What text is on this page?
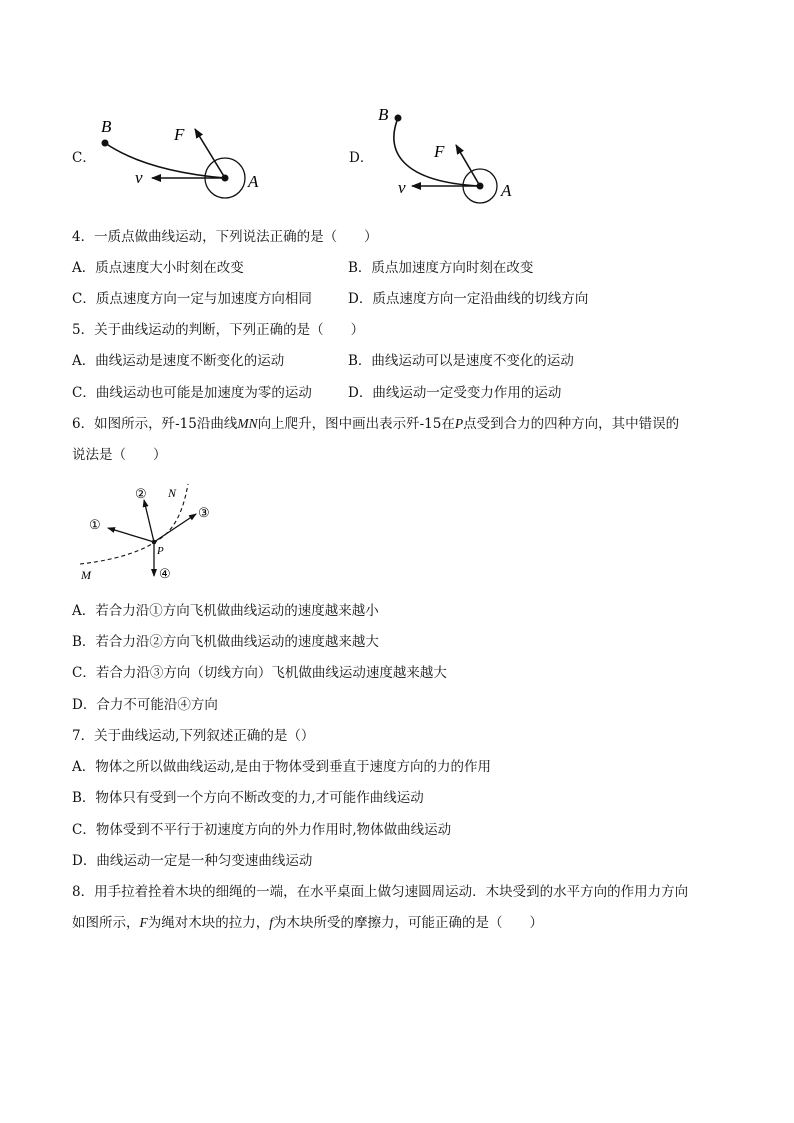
C．
B	F
v	A
D．
B
F
v	A
4．一质点做曲线运动，下列说法正确的是（　　）
A．质点速度大小时刻在改变	B．质点加速度方向时刻在改变
C．质点速度方向一定与加速度方向相同	D．质点速度方向一定沿曲线的切线方向
5．关于曲线运动的判断，下列正确的是（　　）
A．曲线运动是速度不断变化的运动	B．曲线运动可以是速度不变化的运动
C．曲线运动也可能是加速度为零的运动	D．曲线运动一定受变力作用的运动
6．如图所示，歼-15沿曲线MN向上爬升，图中画出表示歼-15在P点受到合力的四种方向，其中错误的
说法是（　　）
①
②
③
④
N
M
P
A．若合力沿①方向飞机做曲线运动的速度越来越小
B．若合力沿②方向飞机做曲线运动的速度越来越大
C．若合力沿③方向（切线方向）飞机做曲线运动速度越来越大
D．合力不可能沿④方向
7．关于曲线运动,下列叙述正确的是（）
A．物体之所以做曲线运动,是由于物体受到垂直于速度方向的力的作用
B．物体只有受到一个方向不断改变的力,才可能作曲线运动
C．物体受到不平行于初速度方向的外力作用时,物体做曲线运动
D．曲线运动一定是一种匀变速曲线运动
8．用手拉着拴着木块的细绳的一端，在水平桌面上做匀速圆周运动．木块受到的水平方向的作用力方向
如图所示，F为绳对木块的拉力，f为木块所受的摩擦力，可能正确的是（　　）
